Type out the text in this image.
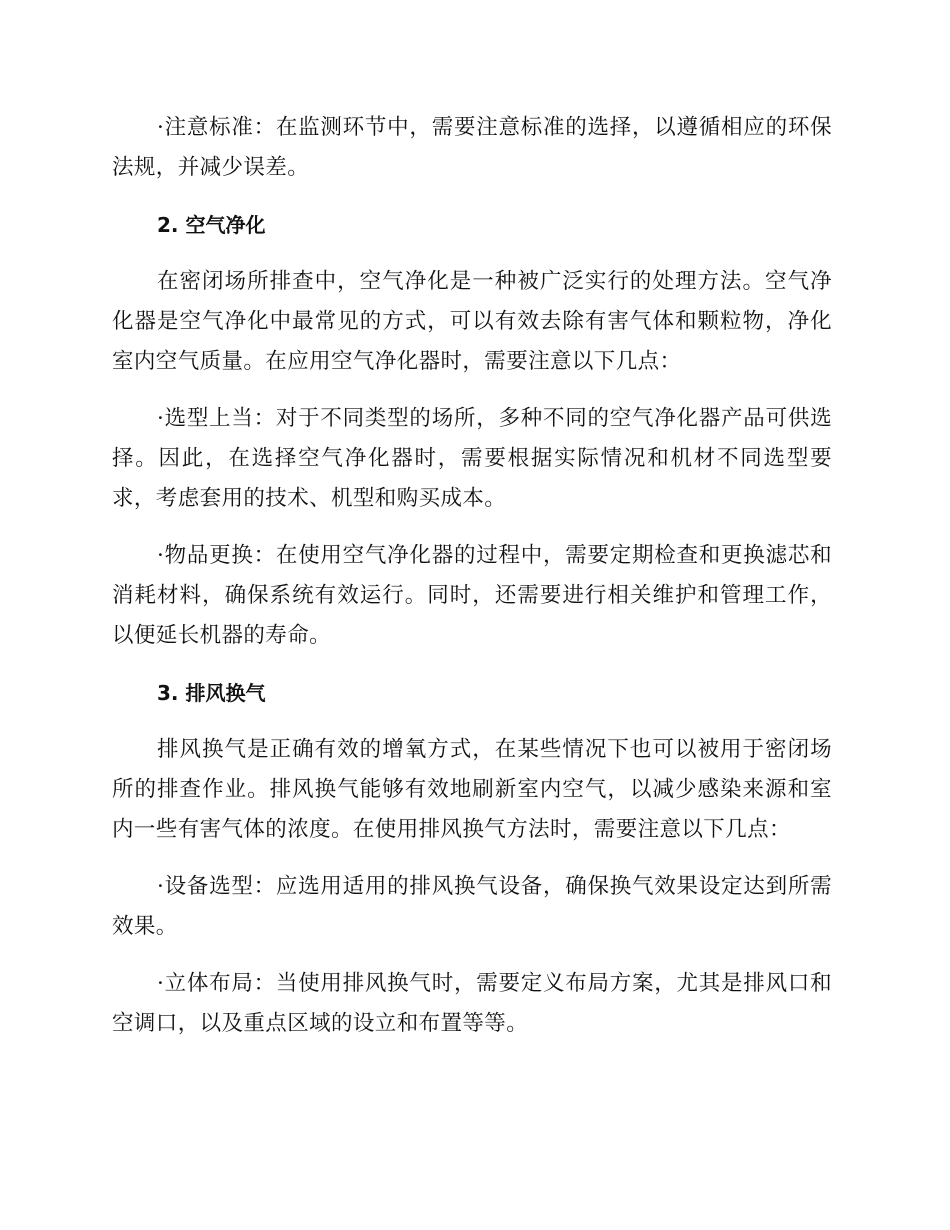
·注意标准：在监测环节中，需要注意标准的选择，以遵循相应的环保法规，并减少误差。

2. 空气净化

在密闭场所排查中，空气净化是一种被广泛实行的处理方法。空气净化器是空气净化中最常见的方式，可以有效去除有害气体和颗粒物，净化室内空气质量。在应用空气净化器时，需要注意以下几点：

·选型上当：对于不同类型的场所，多种不同的空气净化器产品可供选择。因此，在选择空气净化器时，需要根据实际情况和机材不同选型要求，考虑套用的技术、机型和购买成本。

·物品更换：在使用空气净化器的过程中，需要定期检查和更换滤芯和消耗材料，确保系统有效运行。同时，还需要进行相关维护和管理工作，以便延长机器的寿命。

3. 排风换气

排风换气是正确有效的增氧方式，在某些情况下也可以被用于密闭场所的排查作业。排风换气能够有效地刷新室内空气，以减少感染来源和室内一些有害气体的浓度。在使用排风换气方法时，需要注意以下几点：

·设备选型：应选用适用的排风换气设备，确保换气效果设定达到所需效果。

·立体布局：当使用排风换气时，需要定义布局方案，尤其是排风口和空调口，以及重点区域的设立和布置等等。
